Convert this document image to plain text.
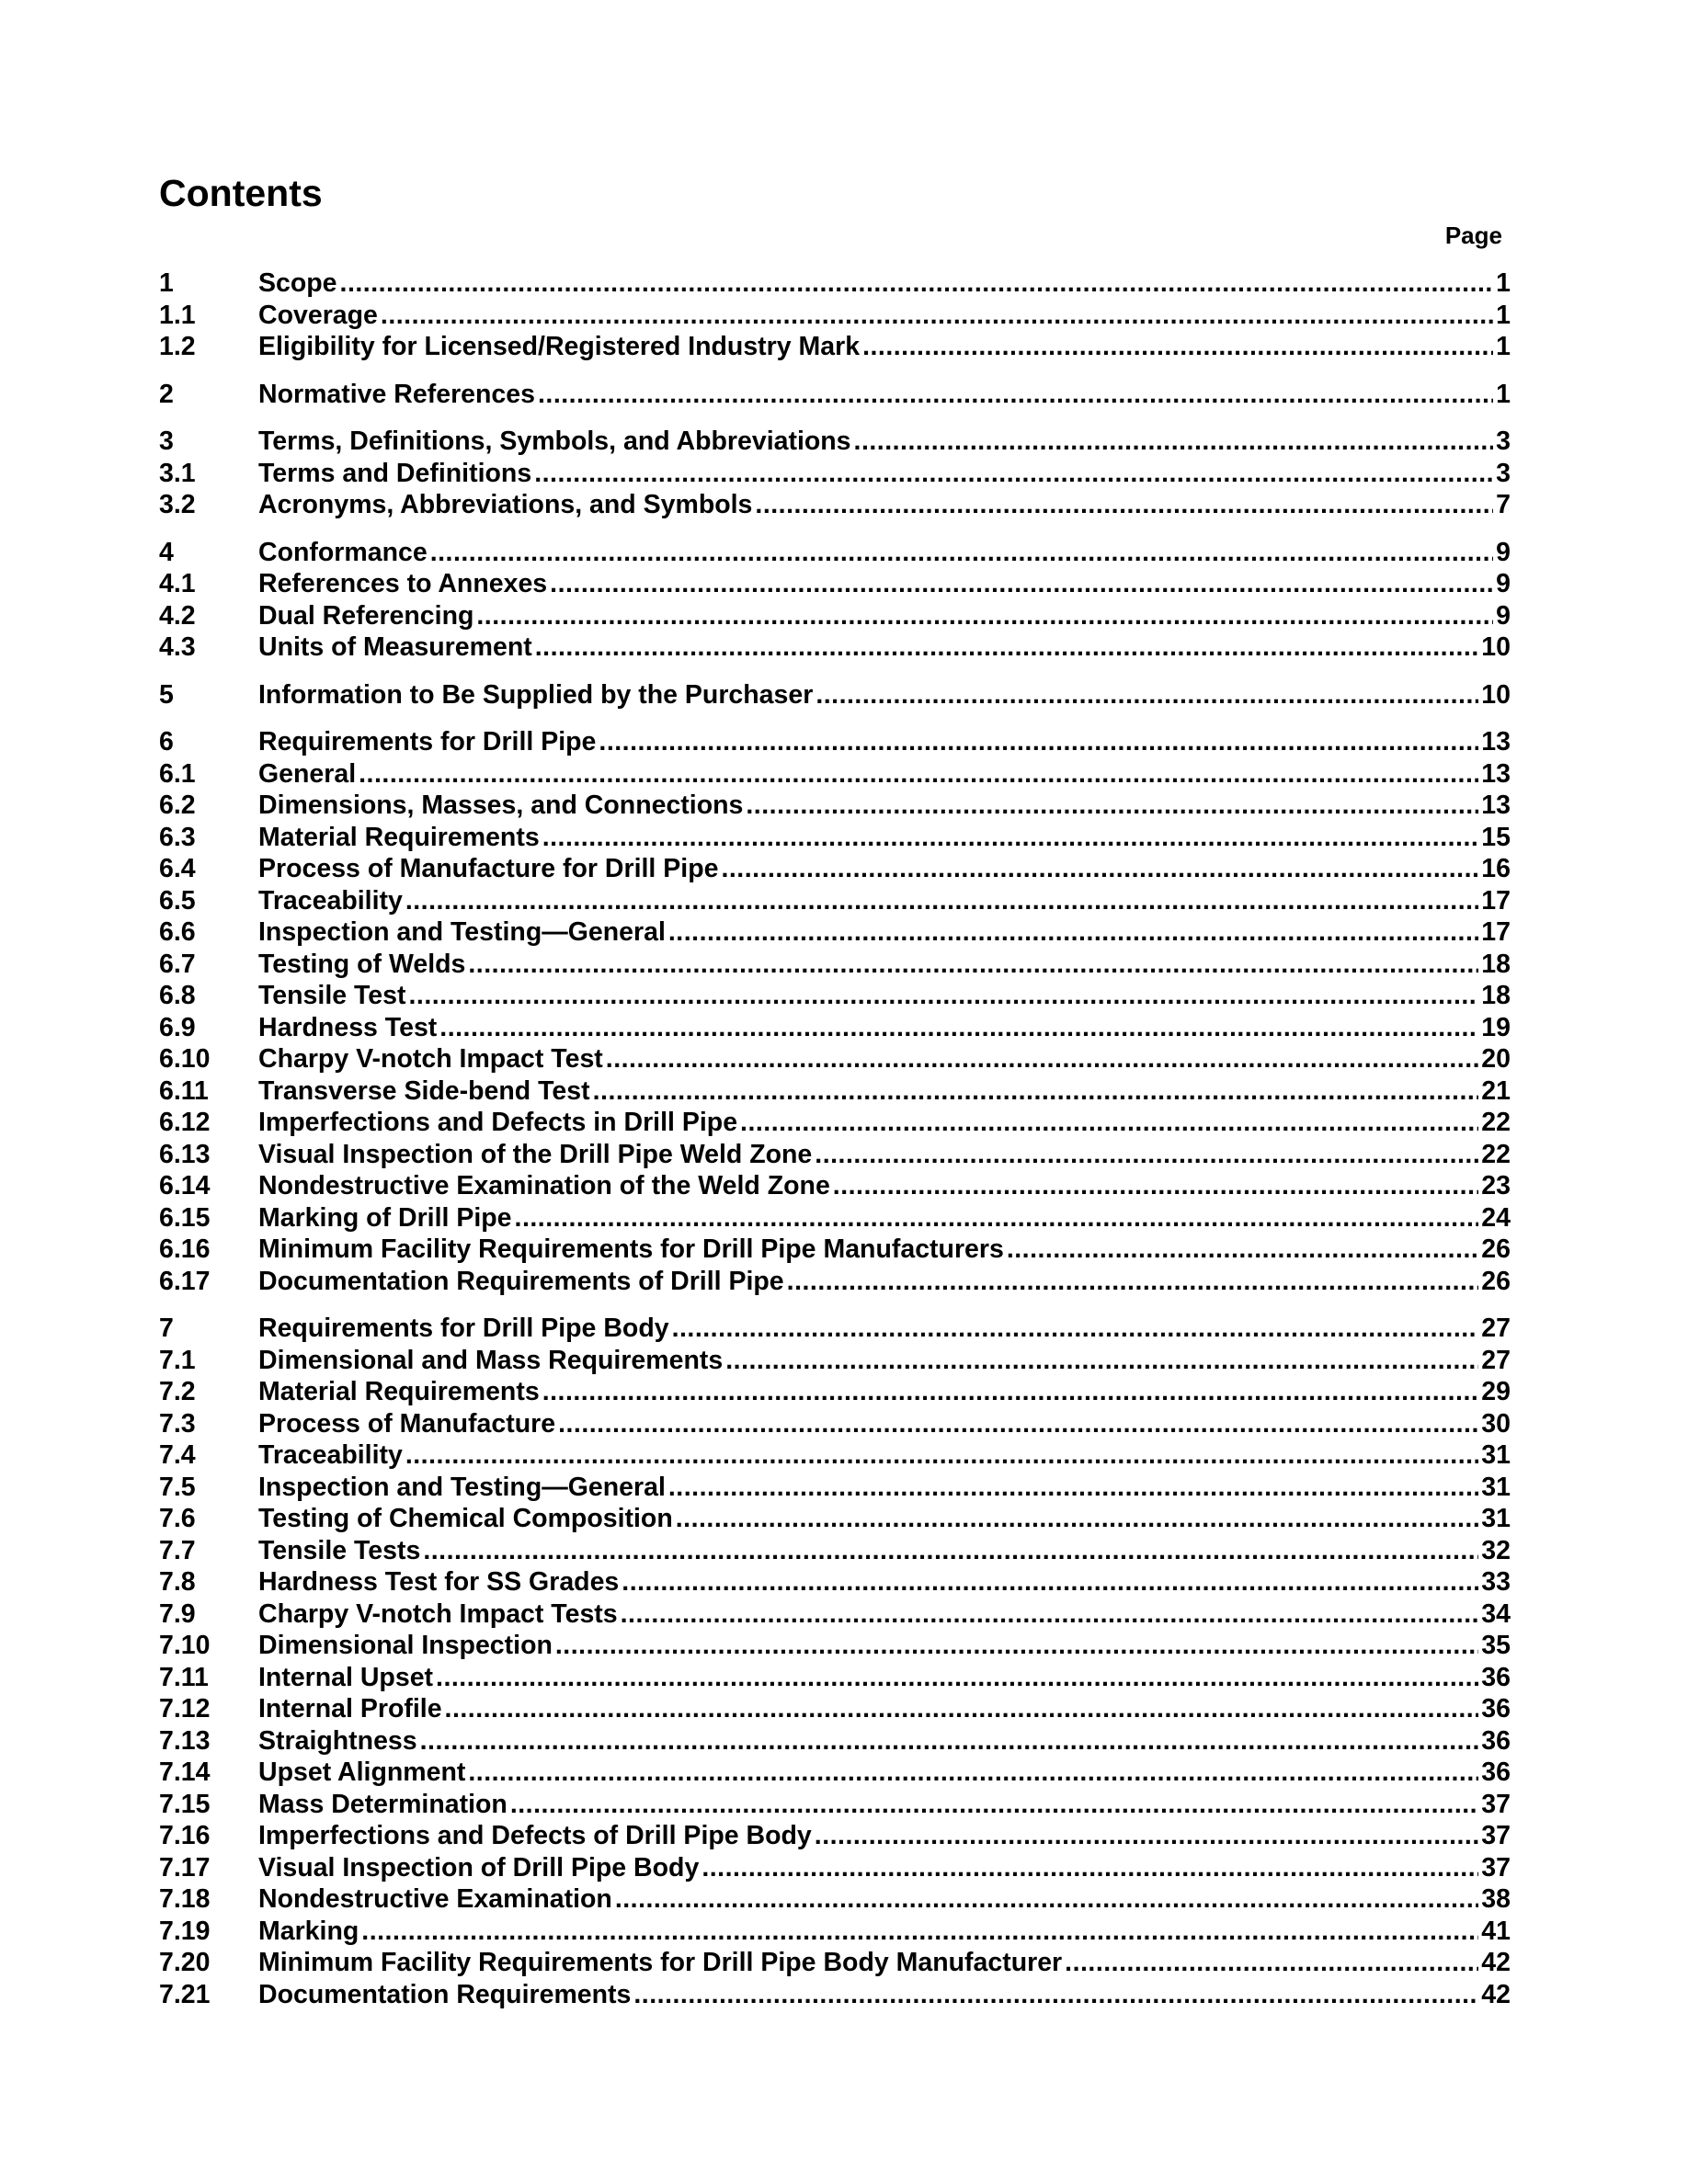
Contents
Page
1	Scope .....	1
1.1	Coverage .....	1
1.2	Eligibility for Licensed/Registered Industry Mark .....	1
2	Normative References .....	1
3	Terms, Definitions, Symbols, and Abbreviations .....	3
3.1	Terms and Definitions .....	3
3.2	Acronyms, Abbreviations, and Symbols .....	7
4	Conformance .....	9
4.1	References to Annexes .....	9
4.2	Dual Referencing .....	9
4.3	Units of Measurement .....	10
5	Information to Be Supplied by the Purchaser .....	10
6	Requirements for Drill Pipe .....	13
6.1	General .....	13
6.2	Dimensions, Masses, and Connections .....	13
6.3	Material Requirements .....	15
6.4	Process of Manufacture for Drill Pipe .....	16
6.5	Traceability .....	17
6.6	Inspection and Testing—General .....	17
6.7	Testing of Welds .....	18
6.8	Tensile Test .....	18
6.9	Hardness Test .....	19
6.10	Charpy V-notch Impact Test .....	20
6.11	Transverse Side-bend Test .....	21
6.12	Imperfections and Defects in Drill Pipe .....	22
6.13	Visual Inspection of the Drill Pipe Weld Zone .....	22
6.14	Nondestructive Examination of the Weld Zone .....	23
6.15	Marking of Drill Pipe .....	24
6.16	Minimum Facility Requirements for Drill Pipe Manufacturers .....	26
6.17	Documentation Requirements of Drill Pipe .....	26
7	Requirements for Drill Pipe Body .....	27
7.1	Dimensional and Mass Requirements .....	27
7.2	Material Requirements .....	29
7.3	Process of Manufacture .....	30
7.4	Traceability .....	31
7.5	Inspection and Testing—General .....	31
7.6	Testing of Chemical Composition .....	31
7.7	Tensile Tests .....	32
7.8	Hardness Test for SS Grades .....	33
7.9	Charpy V-notch Impact Tests .....	34
7.10	Dimensional Inspection .....	35
7.11	Internal Upset .....	36
7.12	Internal Profile .....	36
7.13	Straightness .....	36
7.14	Upset Alignment .....	36
7.15	Mass Determination .....	37
7.16	Imperfections and Defects of Drill Pipe Body .....	37
7.17	Visual Inspection of Drill Pipe Body .....	37
7.18	Nondestructive Examination .....	38
7.19	Marking .....	41
7.20	Minimum Facility Requirements for Drill Pipe Body Manufacturer .....	42
7.21	Documentation Requirements .....	42
